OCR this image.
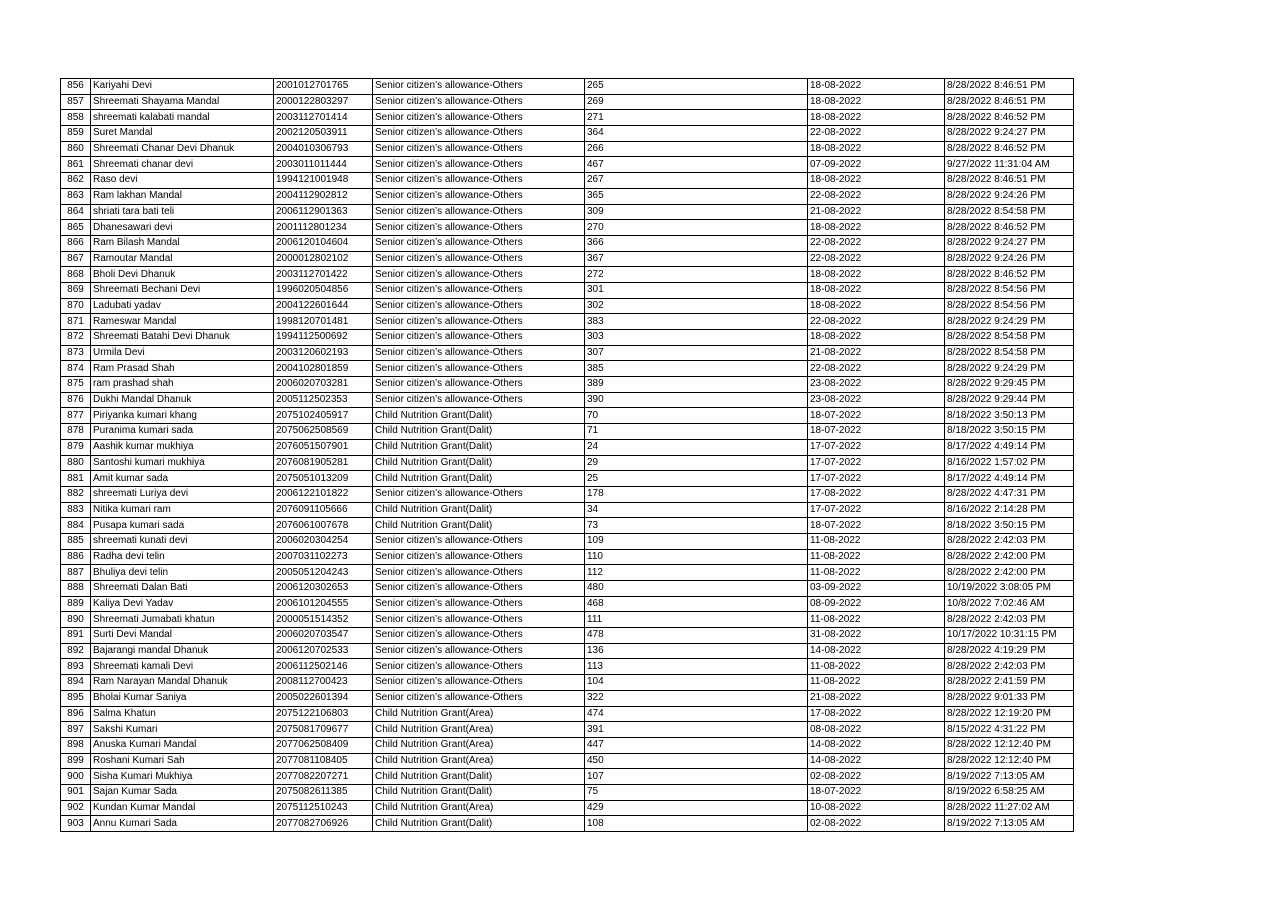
856	Kariyahi Devi	2001012701765	Senior citizen’s allowance-Others	265	18-08-2022	8/28/2022 8:46:51 PM
857	Shreemati Shayama Mandal	2000122803297	Senior citizen’s allowance-Others	269	18-08-2022	8/28/2022 8:46:51 PM
858	shreemati kalabati mandal	2003112701414	Senior citizen’s allowance-Others	271	18-08-2022	8/28/2022 8:46:52 PM
859	Suret Mandal	2002120503911	Senior citizen’s allowance-Others	364	22-08-2022	8/28/2022 9:24:27 PM
860	Shreemati Chanar Devi Dhanuk	2004010306793	Senior citizen’s allowance-Others	266	18-08-2022	8/28/2022 8:46:52 PM
861	Shreemati chanar devi	2003011011444	Senior citizen’s allowance-Others	467	07-09-2022	9/27/2022 11:31:04 AM
862	Raso devi	1994121001948	Senior citizen’s allowance-Others	267	18-08-2022	8/28/2022 8:46:51 PM
863	Ram lakhan Mandal	2004112902812	Senior citizen’s allowance-Others	365	22-08-2022	8/28/2022 9:24:26 PM
864	shriati tara bati teli	2006112901363	Senior citizen’s allowance-Others	309	21-08-2022	8/28/2022 8:54:58 PM
865	Dhanesawari devi	2001112801234	Senior citizen’s allowance-Others	270	18-08-2022	8/28/2022 8:46:52 PM
866	Ram Bilash Mandal	2006120104604	Senior citizen’s allowance-Others	366	22-08-2022	8/28/2022 9:24:27 PM
867	Ramoutar Mandal	2000012802102	Senior citizen’s allowance-Others	367	22-08-2022	8/28/2022 9:24:26 PM
868	Bholi Devi Dhanuk	2003112701422	Senior citizen’s allowance-Others	272	18-08-2022	8/28/2022 8:46:52 PM
869	Shreemati Bechani Devi	1996020504856	Senior citizen’s allowance-Others	301	18-08-2022	8/28/2022 8:54:56 PM
870	Ladubati yadav	2004122601644	Senior citizen’s allowance-Others	302	18-08-2022	8/28/2022 8:54:56 PM
871	Rameswar Mandal	1998120701481	Senior citizen’s allowance-Others	383	22-08-2022	8/28/2022 9:24:29 PM
872	Shreemati Batahi Devi Dhanuk	1994112500692	Senior citizen’s allowance-Others	303	18-08-2022	8/28/2022 8:54:58 PM
873	Urmila Devi	2003120602193	Senior citizen’s allowance-Others	307	21-08-2022	8/28/2022 8:54:58 PM
874	Ram Prasad Shah	2004102801859	Senior citizen’s allowance-Others	385	22-08-2022	8/28/2022 9:24:29 PM
875	ram prashad shah	2006020703281	Senior citizen’s allowance-Others	389	23-08-2022	8/28/2022 9:29:45 PM
876	Dukhi Mandal Dhanuk	2005112502353	Senior citizen’s allowance-Others	390	23-08-2022	8/28/2022 9:29:44 PM
877	Piriyanka kumari khang	2075102405917	Child Nutrition Grant(Dalit)	70	18-07-2022	8/18/2022 3:50:13 PM
878	Puranima kumari sada	2075062508569	Child Nutrition Grant(Dalit)	71	18-07-2022	8/18/2022 3:50:15 PM
879	Aashik kumar mukhiya	2076051507901	Child Nutrition Grant(Dalit)	24	17-07-2022	8/17/2022 4:49:14 PM
880	Santoshi kumari mukhiya	2076081905281	Child Nutrition Grant(Dalit)	29	17-07-2022	8/16/2022 1:57:02 PM
881	Amit kumar sada	2075051013209	Child Nutrition Grant(Dalit)	25	17-07-2022	8/17/2022 4:49:14 PM
882	shreemati Luriya devi	2006122101822	Senior citizen’s allowance-Others	178	17-08-2022	8/28/2022 4:47:31 PM
883	Nitika kumari ram	2076091105666	Child Nutrition Grant(Dalit)	34	17-07-2022	8/16/2022 2:14:28 PM
884	Pusapa kumari sada	2076061007678	Child Nutrition Grant(Dalit)	73	18-07-2022	8/18/2022 3:50:15 PM
885	shreemati kunati devi	2006020304254	Senior citizen’s allowance-Others	109	11-08-2022	8/28/2022 2:42:03 PM
886	Radha devi telin	2007031102273	Senior citizen’s allowance-Others	110	11-08-2022	8/28/2022 2:42:00 PM
887	Bhuliya devi telin	2005051204243	Senior citizen’s allowance-Others	112	11-08-2022	8/28/2022 2:42:00 PM
888	Shreemati Dalan Bati	2006120302653	Senior citizen’s allowance-Others	480	03-09-2022	10/19/2022 3:08:05 PM
889	Kaliya Devi Yadav	2006101204555	Senior citizen’s allowance-Others	468	08-09-2022	10/8/2022 7:02:46 AM
890	Shreemati Jumabati khatun	2000051514352	Senior citizen’s allowance-Others	111	11-08-2022	8/28/2022 2:42:03 PM
891	Surti Devi Mandal	2006020703547	Senior citizen’s allowance-Others	478	31-08-2022	10/17/2022 10:31:15 PM
892	Bajarangi mandal Dhanuk	2006120702533	Senior citizen’s allowance-Others	136	14-08-2022	8/28/2022 4:19:29 PM
893	Shreemati kamali Devi	2006112502146	Senior citizen’s allowance-Others	113	11-08-2022	8/28/2022 2:42:03 PM
894	Ram Narayan Mandal Dhanuk	2008112700423	Senior citizen’s allowance-Others	104	11-08-2022	8/28/2022 2:41:59 PM
895	Bholai Kumar Saniya	2005022601394	Senior citizen’s allowance-Others	322	21-08-2022	8/28/2022 9:01:33 PM
896	Salma Khatun	2075122106803	Child Nutrition Grant(Area)	474	17-08-2022	8/28/2022 12:19:20 PM
897	Sakshi Kumari	2075081709677	Child Nutrition Grant(Area)	391	08-08-2022	8/15/2022 4:31:22 PM
898	Anuska Kumari Mandal	2077062508409	Child Nutrition Grant(Area)	447	14-08-2022	8/28/2022 12:12:40 PM
899	Roshani Kumari Sah	2077081108405	Child Nutrition Grant(Area)	450	14-08-2022	8/28/2022 12:12:40 PM
900	Sisha Kumari Mukhiya	2077082207271	Child Nutrition Grant(Dalit)	107	02-08-2022	8/19/2022 7:13:05 AM
901	Sajan Kumar Sada	2075082611385	Child Nutrition Grant(Dalit)	75	18-07-2022	8/19/2022 6:58:25 AM
902	Kundan Kumar Mandal	2075112510243	Child Nutrition Grant(Area)	429	10-08-2022	8/28/2022 11:27:02 AM
903	Annu Kumari Sada	2077082706926	Child Nutrition Grant(Dalit)	108	02-08-2022	8/19/2022 7:13:05 AM
